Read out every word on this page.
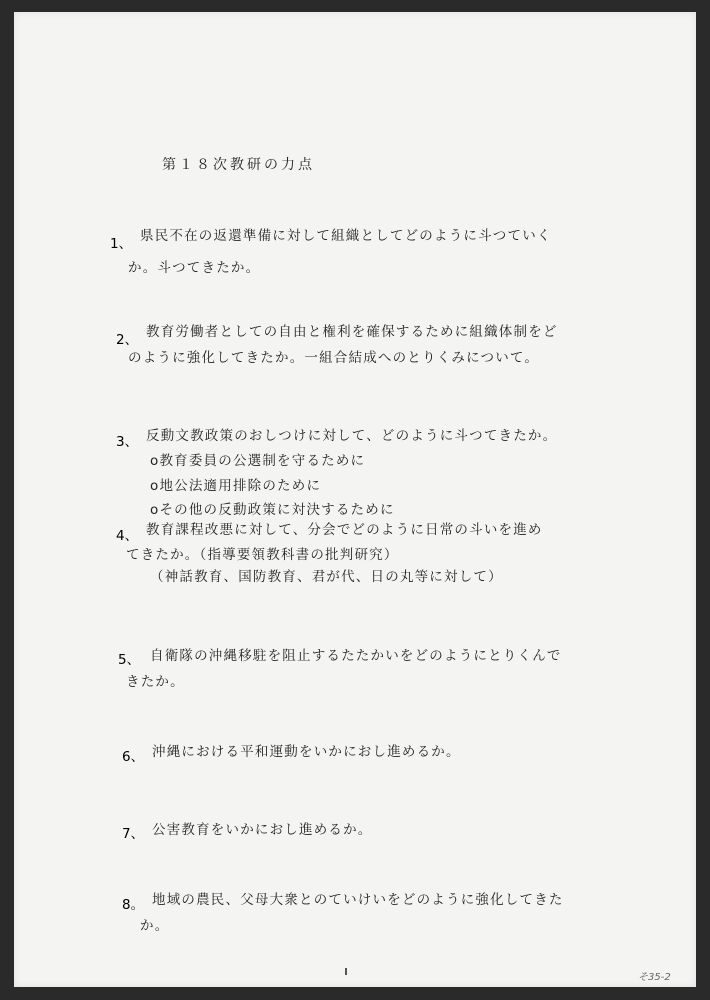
第１８次教研の力点
1、 県民不在の返還準備に対して組織としてどのように斗つていく
か。斗つてきたか。
2、 教育労働者としての自由と権利を確保するために組織体制をど
のように強化してきたか。一組合結成へのとりくみについて。
3、 反動文教政策のおしつけに対して、どのように斗つてきたか。
o教育委員の公選制を守るために
o地公法適用排除のために
oその他の反動政策に対決するために
4、 教育課程改悪に対して、分会でどのように日常の斗いを進め
てきたか。（指導要領教科書の批判研究）
（神話教育、国防教育、君が代、日の丸等に対して）
5、 自衛隊の沖縄移駐を阻止するたたかいをどのようにとりくんで
きたか。
6、 沖縄における平和運動をいかにおし進めるか。
7、 公害教育をいかにおし進めるか。
8。 地域の農民、父母大衆とのていけいをどのように強化してきた
か。
そ35-2
